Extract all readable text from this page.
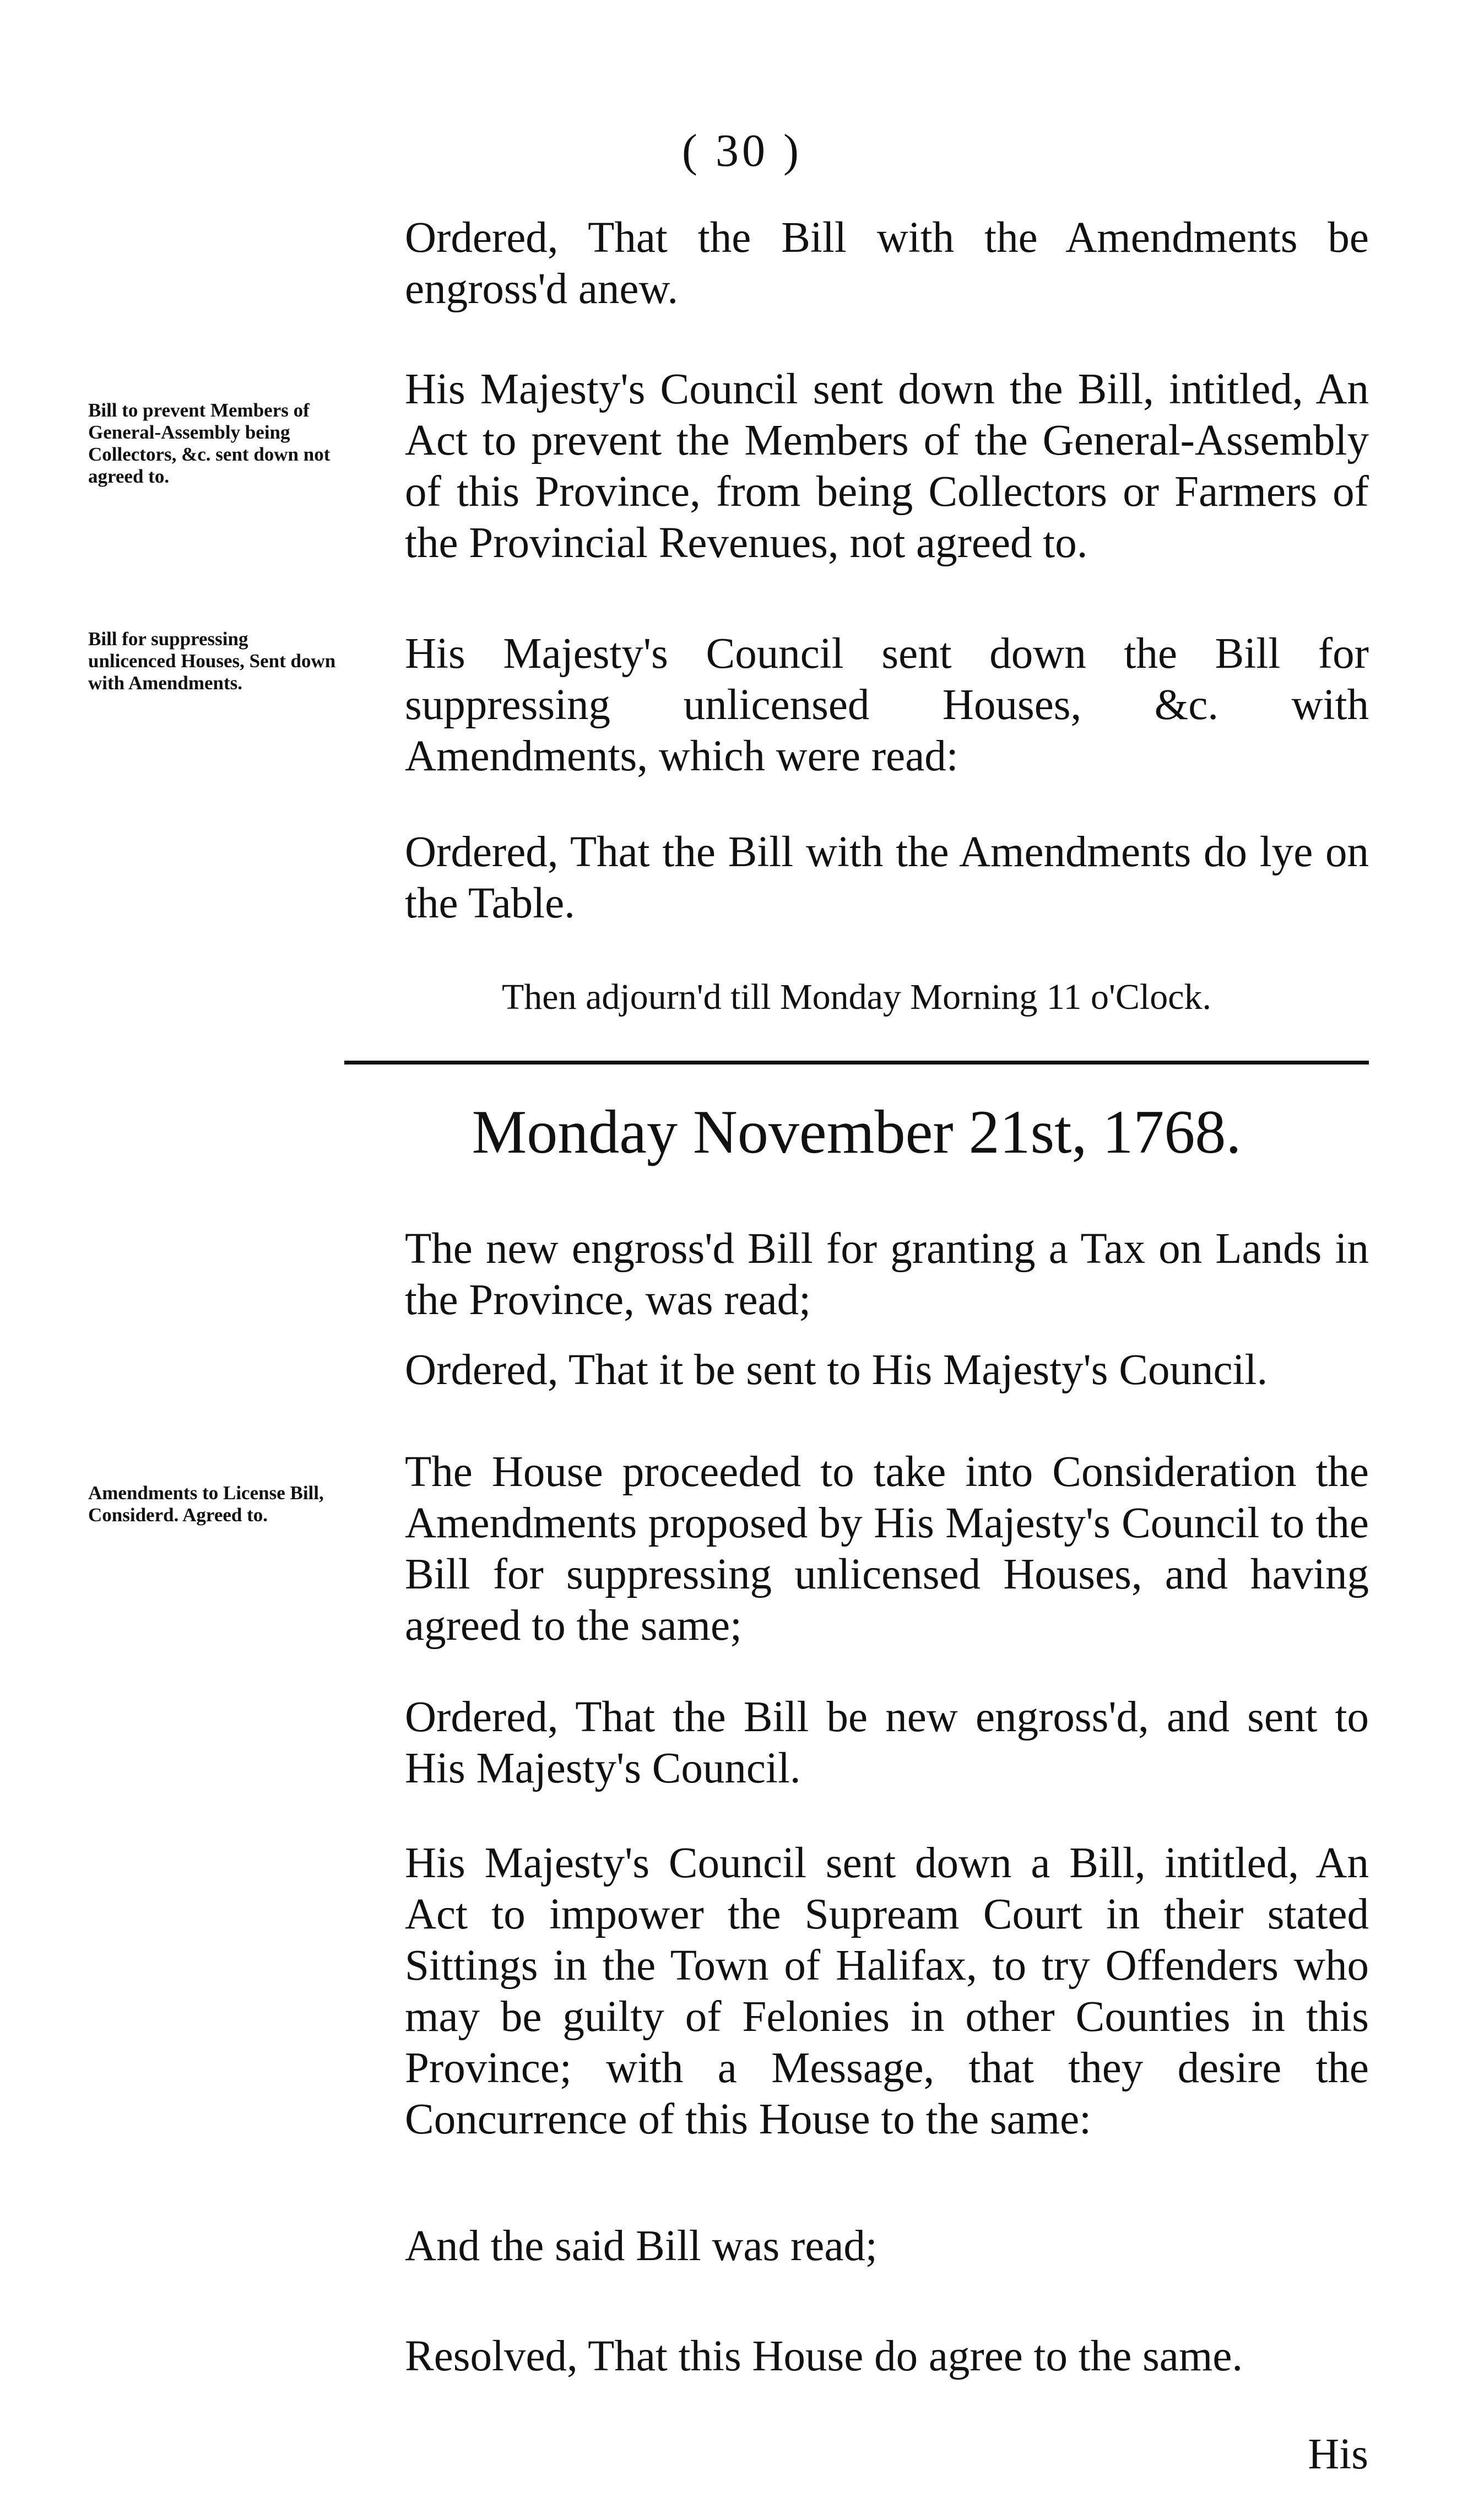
( 30 )
Bill to prevent Members of General-Assembly being Collectors, &c. sent down not agreed to.
Bill for suppressing unlicenced Houses, Sent down with Amendments.
Amendments to License Bill, Considerd. Agreed to.
Ordered, That the Bill with the Amendments be engross'd anew.
His Majesty's Council sent down the Bill, intitled, An Act to prevent the Members of the General-Assembly of this Province, from being Collectors or Farmers of the Provincial Revenues, not agreed to.
His Majesty's Council sent down the Bill for suppressing unlicensed Houses, &c. with Amendments, which were read:
Ordered, That the Bill with the Amendments do lye on the Table.
Then adjourn'd till Monday Morning 11 o'Clock.
Monday November 21st, 1768.
The new engross'd Bill for granting a Tax on Lands in the Province, was read;
Ordered, That it be sent to His Majesty's Council.
The House proceeded to take into Consideration the Amendments proposed by His Majesty's Council to the Bill for suppressing unlicensed Houses, and having agreed to the same;
Ordered, That the Bill be new engross'd, and sent to His Majesty's Council.
His Majesty's Council sent down a Bill, intitled, An Act to impower the Supream Court in their stated Sittings in the Town of Halifax, to try Offenders who may be guilty of Felonies in other Counties in this Province; with a Message, that they desire the Concurrence of this House to the same:
And the said Bill was read;
Resolved, That this House do agree to the same.
His
